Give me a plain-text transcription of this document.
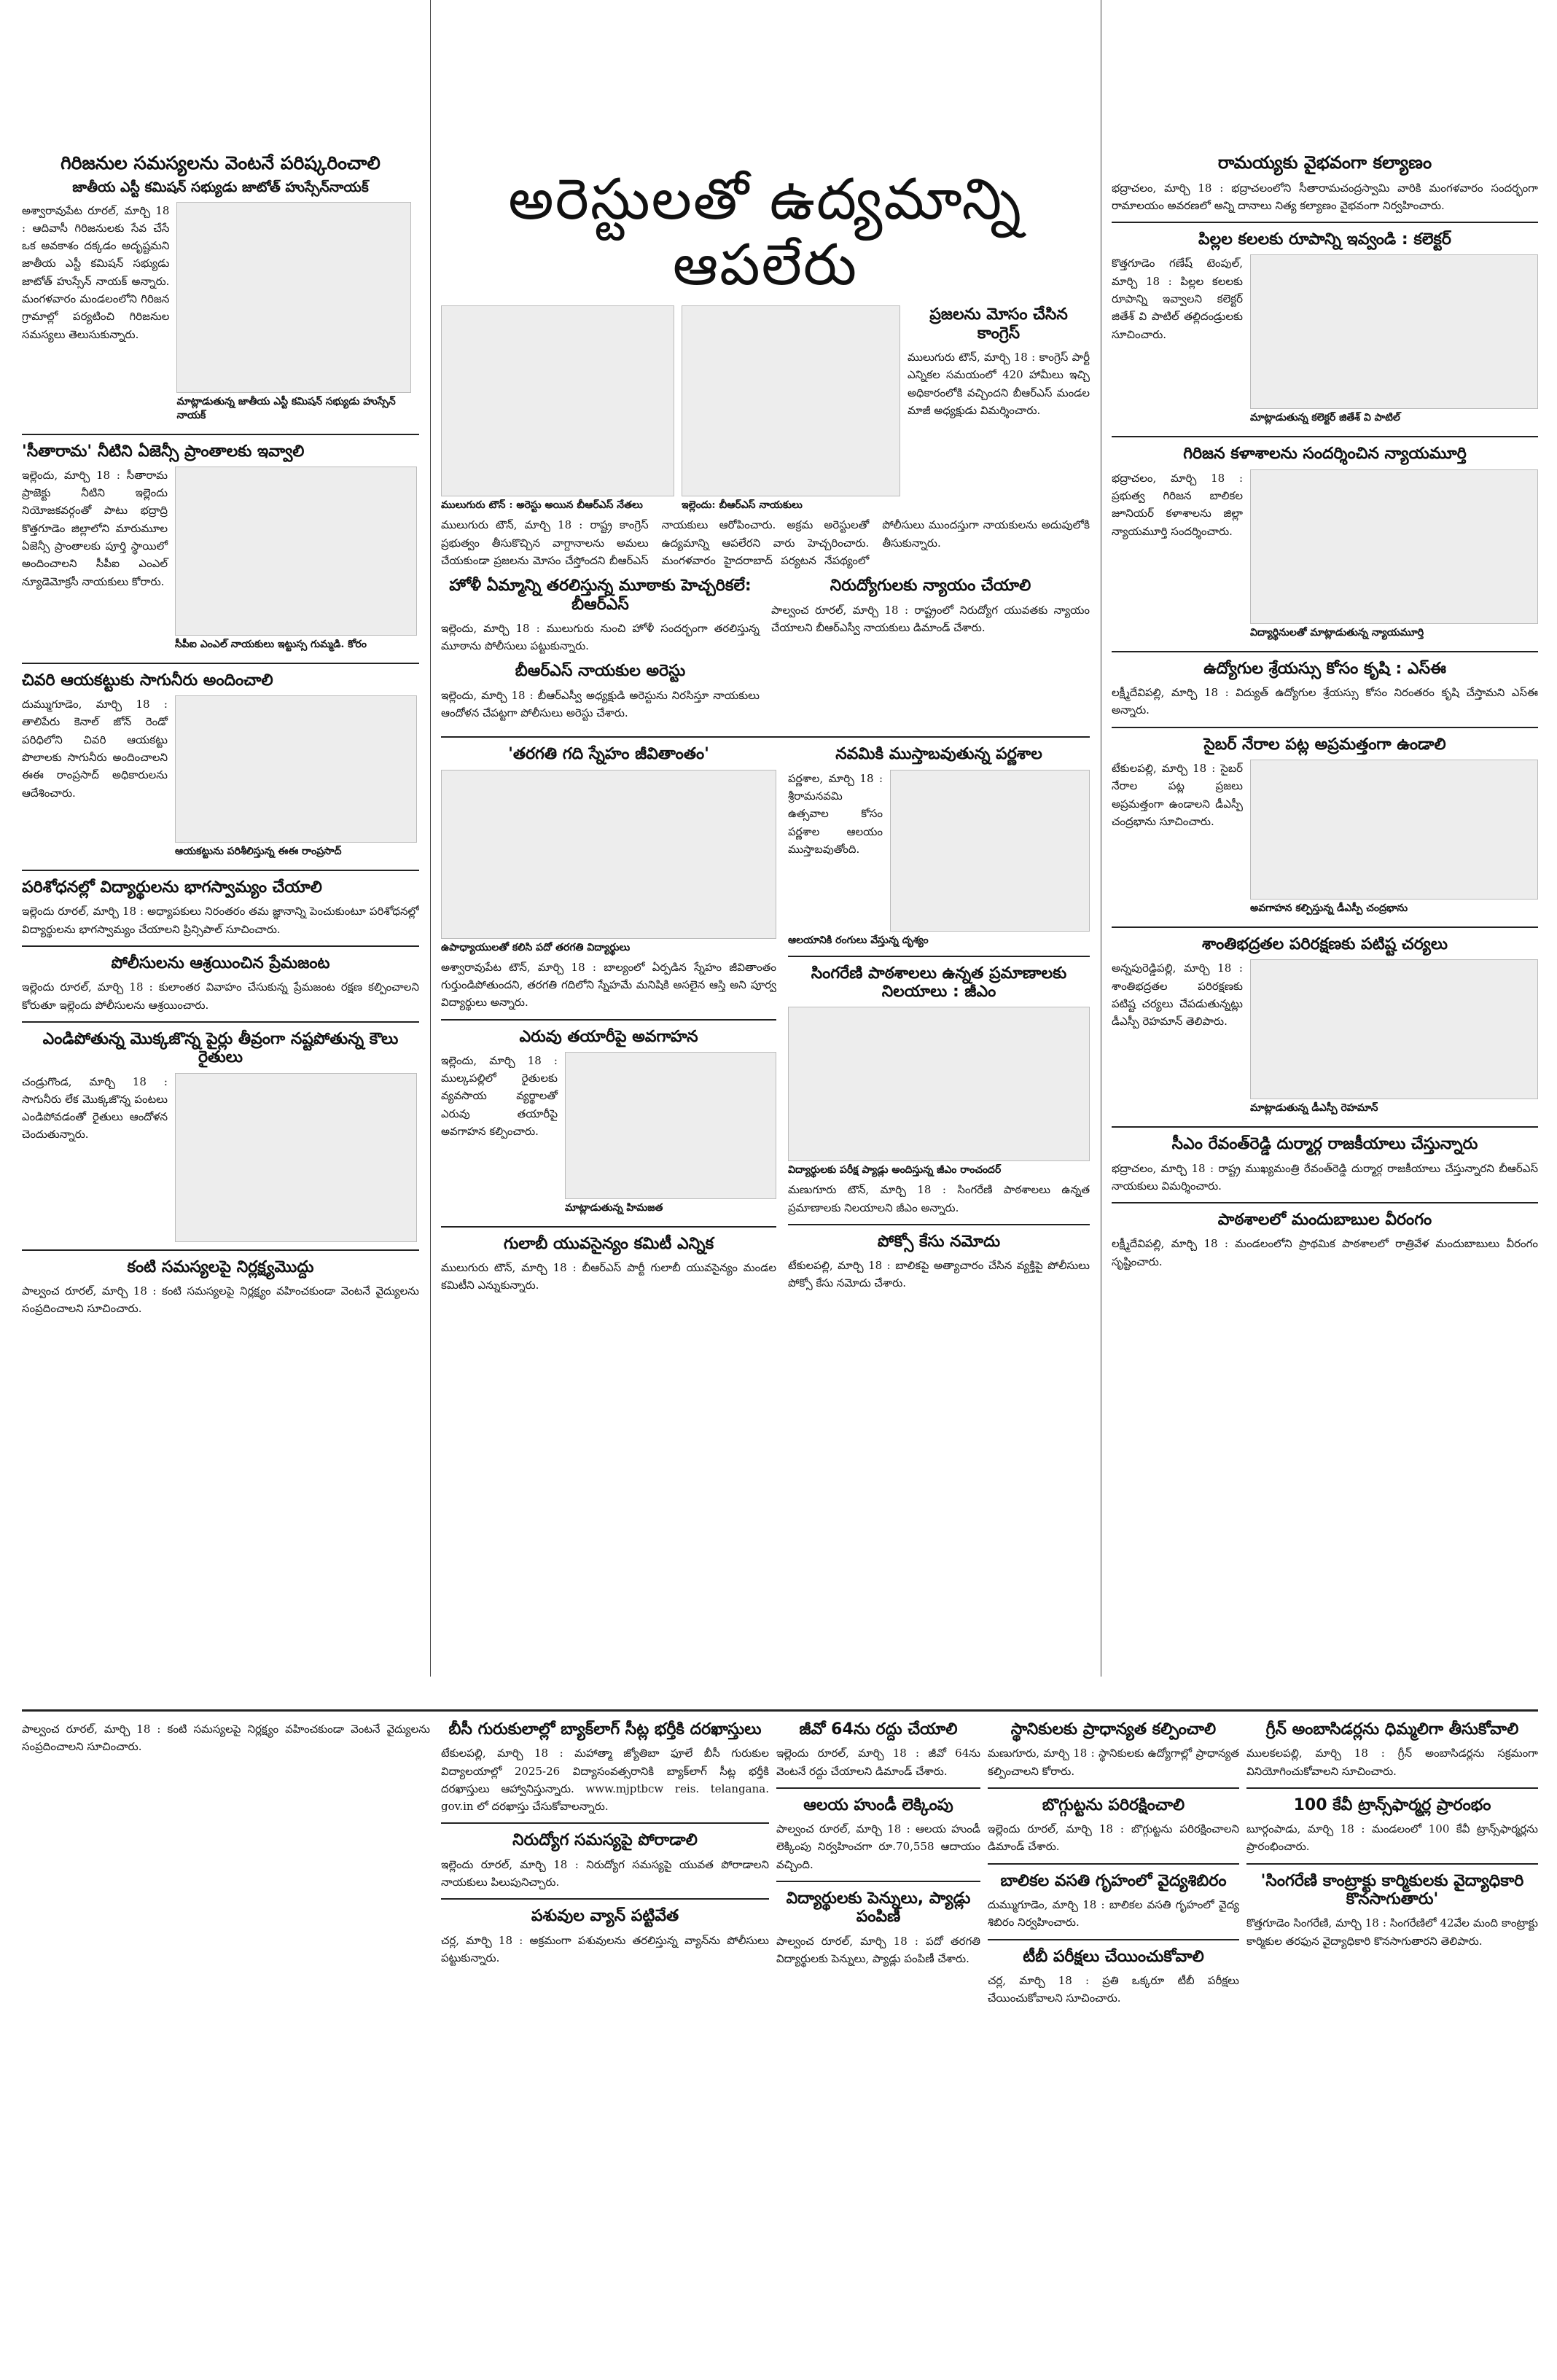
గిరిజనుల సమస్యలను వెంటనే పరిష్కరించాలి
జాతీయ ఎస్టీ కమిషన్ సభ్యుడు జాటోత్ హుస్సేన్‌నాయక్

అశ్వారావుపేట రూరల్, మార్చి 18 : ఆదివాసీ గిరిజనులకు సేవ చేసే ఒక అవకాశం దక్కడం అదృష్టమని జాతీయ ఎస్టీ కమిషన్ సభ్యుడు జాటోత్ హుస్సేన్ నాయక్ అన్నారు. మంగళవారం మండలంలోని గిరిజన గ్రామాల్లో పర్యటించి గిరిజనుల సమస్యలు తెలుసుకున్నారు.

మాట్లాడుతున్న జాతీయ ఎస్టీ కమిషన్ సభ్యుడు హుస్సేన్ నాయక్
'సీతారామ' నీటిని ఏజెన్సీ ప్రాంతాలకు ఇవ్వాలి

ఇల్లెందు, మార్చి 18 : సీతారామ ప్రాజెక్టు నీటిని ఇల్లెందు నియోజకవర్గంతో పాటు భద్రాద్రి కొత్తగూడెం జిల్లాలోని మారుమూల ఏజెన్సీ ప్రాంతాలకు పూర్తి స్థాయిలో అందించాలని సీపీఐ ఎంఎల్ న్యూడెమోక్రసీ నాయకులు కోరారు.

సీపీఐ ఎంఎల్ నాయకులు ఇట్టుస్స గుమ్మడి. కోరం
చివరి ఆయకట్టుకు సాగునీరు అందించాలి

దుమ్ముగూడెం, మార్చి 18 : తాలిపేరు కెనాల్ జోన్ రెండో పరిధిలోని చివరి ఆయకట్టు పొలాలకు సాగునీరు అందించాలని ఈఈ రాంప్రసాద్ అధికారులను ఆదేశించారు.

ఆయకట్టును పరిశీలిస్తున్న ఈఈ రాంప్రసాద్
పరిశోధనల్లో విద్యార్థులను భాగస్వామ్యం చేయాలి

ఇల్లెందు రూరల్, మార్చి 18 : అధ్యాపకులు నిరంతరం తమ జ్ఞానాన్ని పెంచుకుంటూ పరిశోధనల్లో విద్యార్థులను భాగస్వామ్యం చేయాలని ప్రిన్సిపాల్ సూచించారు.

పోలీసులను ఆశ్రయించిన ప్రేమజంట

ఇల్లెందు రూరల్, మార్చి 18 : కులాంతర వివాహం చేసుకున్న ప్రేమజంట రక్షణ కల్పించాలని కోరుతూ ఇల్లెందు పోలీసులను ఆశ్రయించారు.

ఎండిపోతున్న మొక్కజొన్న పైర్లు తీవ్రంగా నష్టపోతున్న కౌలు రైతులు

చండ్రుగొండ, మార్చి 18 : సాగునీరు లేక మొక్కజొన్న పంటలు ఎండిపోవడంతో రైతులు ఆందోళన చెందుతున్నారు.

కంటి సమస్యలపై నిర్లక్ష్యమొద్దు

పాల్వంచ రూరల్, మార్చి 18 : కంటి సమస్యలపై నిర్లక్ష్యం వహించకుండా వెంటనే వైద్యులను సంప్రదించాలని సూచించారు.

అరెస్టులతో ఉద్యమాన్ని ఆపలేరు
ములుగురు టౌన్ : అరెస్టు అయిన బీఆర్ఎస్ నేతలు	ఇల్లెందు: బీఆర్ఎస్ నాయకులు
ప్రజలను మోసం చేసిన కాంగ్రెస్

ములుగురు టౌన్, మార్చి 18 : కాంగ్రెస్ పార్టీ ఎన్నికల సమయంలో 420 హామీలు ఇచ్చి అధికారంలోకి వచ్చిందని బీఆర్ఎస్ మండల మాజీ అధ్యక్షుడు విమర్శించారు.

ములుగురు టౌన్, మార్చి 18 : రాష్ట్ర కాంగ్రెస్ ప్రభుత్వం తీసుకొచ్చిన వాగ్దానాలను అమలు చేయకుండా ప్రజలను మోసం చేస్తోందని బీఆర్ఎస్ నాయకులు ఆరోపించారు. అక్రమ అరెస్టులతో ఉద్యమాన్ని ఆపలేరని వారు హెచ్చరించారు. మంగళవారం హైదరాబాద్ పర్యటన నేపథ్యంలో పోలీసులు ముందస్తుగా నాయకులను అదుపులోకి తీసుకున్నారు.

హోళీ ఏమ్మాన్ని తరలిస్తున్న మూఠాకు హెచ్చరికలే: బీఆర్ఎస్

ఇల్లెందు, మార్చి 18 : ములుగురు నుంచి హోళీ సందర్భంగా తరలిస్తున్న మూఠాను పోలీసులు పట్టుకున్నారు.

బీఆర్ఎస్ నాయకుల అరెస్టు

ఇల్లెందు, మార్చి 18 : బీఆర్ఎస్వీ అధ్యక్షుడి అరెస్టును నిరసిస్తూ నాయకులు ఆందోళన చేపట్టగా పోలీసులు అరెస్టు చేశారు.

నిరుద్యోగులకు న్యాయం చేయాలి

పాల్వంచ రూరల్, మార్చి 18 : రాష్ట్రంలో నిరుద్యోగ యువతకు న్యాయం చేయాలని బీఆర్ఎస్వీ నాయకులు డిమాండ్ చేశారు.

'తరగతి గది స్నేహం జీవితాంతం'
ఉపాధ్యాయులతో కలిసి పదో తరగతి విద్యార్థులు

అశ్వారావుపేట టౌన్, మార్చి 18 : బాల్యంలో ఏర్పడిన స్నేహం జీవితాంతం గుర్తుండిపోతుందని, తరగతి గదిలోని స్నేహమే మనిషికి అసలైన ఆస్తి అని పూర్వ విద్యార్థులు అన్నారు.

ఎరువు తయారీపై అవగాహన

ఇల్లెందు, మార్చి 18 : ముల్కపల్లిలో రైతులకు వ్యవసాయ వ్యర్థాలతో ఎరువు తయారీపై అవగాహన కల్పించారు.

మాట్లాడుతున్న హిమజత
గులాబీ యువసైన్యం కమిటీ ఎన్నిక

ములుగురు టౌన్, మార్చి 18 : బీఆర్ఎస్ పార్టీ గులాబీ యువసైన్యం మండల కమిటీని ఎన్నుకున్నారు.

నవమికి ముస్తాబవుతున్న పర్ణశాల

పర్ణశాల, మార్చి 18 : శ్రీరామనవమి ఉత్సవాల కోసం పర్ణశాల ఆలయం ముస్తాబవుతోంది.

ఆలయానికి రంగులు వేస్తున్న దృశ్యం
సింగరేణి పాఠశాలలు ఉన్నత ప్రమాణాలకు నిలయాలు : జీఎం
విద్యార్థులకు పరీక్ష ప్యాడ్లు అందిస్తున్న జీఎం రాంచందర్

మణుగూరు టౌన్, మార్చి 18 : సింగరేణి పాఠశాలలు ఉన్నత ప్రమాణాలకు నిలయాలని జీఎం అన్నారు.

పోక్సో కేసు నమోదు

టేకులపల్లి, మార్చి 18 : బాలికపై అత్యాచారం చేసిన వ్యక్తిపై పోలీసులు పోక్సో కేసు నమోదు చేశారు.

రామయ్యకు వైభవంగా కల్యాణం

భద్రాచలం, మార్చి 18 : భద్రాచలంలోని సీతారామచంద్రస్వామి వారికి మంగళవారం సందర్భంగా రామాలయం అవరణలో అన్ని దానాలు నిత్య కల్యాణం వైభవంగా నిర్వహించారు.

పిల్లల కలలకు రూపాన్ని ఇవ్వండి : కలెక్టర్

కొత్తగూడెం గణేష్ టెంపుల్, మార్చి 18 : పిల్లల కలలకు రూపాన్ని ఇవ్వాలని కలెక్టర్ జితేశ్ వి పాటిల్ తల్లిదండ్రులకు సూచించారు.

మాట్లాడుతున్న కలెక్టర్ జితేశ్ వి పాటిల్
గిరిజన కళాశాలను సందర్శించిన న్యాయమూర్తి

భద్రాచలం, మార్చి 18 : ప్రభుత్వ గిరిజన బాలికల జూనియర్ కళాశాలను జిల్లా న్యాయమూర్తి సందర్శించారు.

విద్యార్థినులతో మాట్లాడుతున్న న్యాయమూర్తి
ఉద్యోగుల శ్రేయస్సు కోసం కృషి : ఎస్ఈ

లక్ష్మీదేవిపల్లి, మార్చి 18 : విద్యుత్ ఉద్యోగుల శ్రేయస్సు కోసం నిరంతరం కృషి చేస్తామని ఎస్ఈ అన్నారు.

సైబర్ నేరాల పట్ల అప్రమత్తంగా ఉండాలి

టేకులపల్లి, మార్చి 18 : సైబర్ నేరాల పట్ల ప్రజలు అప్రమత్తంగా ఉండాలని డీఎస్పీ చంద్రభాను సూచించారు.

అవగాహన కల్పిస్తున్న డీఎస్పీ చంద్రభాను
శాంతిభద్రతల పరిరక్షణకు పటిష్ట చర్యలు

అన్నపురెడ్డిపల్లి, మార్చి 18 : శాంతిభద్రతల పరిరక్షణకు పటిష్ట చర్యలు చేపడుతున్నట్లు డీఎస్పీ రెహమాన్ తెలిపారు.

మాట్లాడుతున్న డీఎస్పీ రెహమాన్
సీఎం రేవంత్‌రెడ్డి దుర్మార్గ రాజకీయాలు చేస్తున్నారు

భద్రాచలం, మార్చి 18 : రాష్ట్ర ముఖ్యమంత్రి రేవంత్‌రెడ్డి దుర్మార్గ రాజకీయాలు చేస్తున్నారని బీఆర్ఎస్ నాయకులు విమర్శించారు.

పాఠశాలలో మందుబాబుల వీరంగం

లక్ష్మీదేవిపల్లి, మార్చి 18 : మండలంలోని ప్రాథమిక పాఠశాలలో రాత్రివేళ మందుబాబులు వీరంగం సృష్టించారు.

పాల్వంచ రూరల్, మార్చి 18 : కంటి సమస్యలపై నిర్లక్ష్యం వహించకుండా వెంటనే వైద్యులను సంప్రదించాలని సూచించారు.

బీసీ గురుకులాల్లో బ్యాక్‌లాగ్ సీట్ల భర్తీకి దరఖాస్తులు

టేకులపల్లి, మార్చి 18 : మహాత్మా జ్యోతిబా ఫూలే బీసీ గురుకుల విద్యాలయాల్లో 2025-26 విద్యాసంవత్సరానికి బ్యాక్‌లాగ్ సీట్ల భర్తీకి దరఖాస్తులు ఆహ్వానిస్తున్నారు. www.mjptbcw reis. telangana. gov.in లో దరఖాస్తు చేసుకోవాలన్నారు.

నిరుద్యోగ సమస్యపై పోరాడాలి

ఇల్లెందు రూరల్, మార్చి 18 : నిరుద్యోగ సమస్యపై యువత పోరాడాలని నాయకులు పిలుపునిచ్చారు.

పశువుల వ్యాన్ పట్టివేత

చర్ల, మార్చి 18 : అక్రమంగా పశువులను తరలిస్తున్న వ్యాన్‌ను పోలీసులు పట్టుకున్నారు.

జీవో 64ను రద్దు చేయాలి

ఇల్లెందు రూరల్, మార్చి 18 : జీవో 64ను వెంటనే రద్దు చేయాలని డిమాండ్ చేశారు.

ఆలయ హుండీ లెక్కింపు

పాల్వంచ రూరల్, మార్చి 18 : ఆలయ హుండీ లెక్కింపు నిర్వహించగా రూ.70,558 ఆదాయం వచ్చింది.

విద్యార్థులకు పెన్నులు, ప్యాడ్లు పంపిణీ

పాల్వంచ రూరల్, మార్చి 18 : పదో తరగతి విద్యార్థులకు పెన్నులు, ప్యాడ్లు పంపిణీ చేశారు.

స్థానికులకు ప్రాధాన్యత కల్పించాలి

మణుగూరు, మార్చి 18 : స్థానికులకు ఉద్యోగాల్లో ప్రాధాన్యత కల్పించాలని కోరారు.

బొగ్గుట్టను పరిరక్షించాలి

ఇల్లెందు రూరల్, మార్చి 18 : బొగ్గుట్టను పరిరక్షించాలని డిమాండ్ చేశారు.

బాలికల వసతి గృహంలో వైద్యశిబిరం

దుమ్ముగూడెం, మార్చి 18 : బాలికల వసతి గృహంలో వైద్య శిబిరం నిర్వహించారు.

టీబీ పరీక్షలు చేయించుకోవాలి

చర్ల, మార్చి 18 : ప్రతి ఒక్కరూ టీబీ పరీక్షలు చేయించుకోవాలని సూచించారు.

గ్రీన్ అంబాసిడర్లను ధిమ్మలిగా తీసుకోవాలి

ములకలపల్లి, మార్చి 18 : గ్రీన్ అంబాసిడర్లను సక్రమంగా వినియోగించుకోవాలని సూచించారు.

100 కేవీ ట్రాన్స్‌ఫార్మర్ల ప్రారంభం

బూర్గంపాడు, మార్చి 18 : మండలంలో 100 కేవీ ట్రాన్స్‌ఫార్మర్లను ప్రారంభించారు.

'సింగరేణి కాంట్రాక్టు కార్మికులకు వైద్యాధికారి కొనసాగుతారు'

కొత్తగూడెం సింగరేణి, మార్చి 18 : సింగరేణిలో 42వేల మంది కాంట్రాక్టు కార్మికుల తరఫున వైద్యాధికారి కొనసాగుతారని తెలిపారు.
